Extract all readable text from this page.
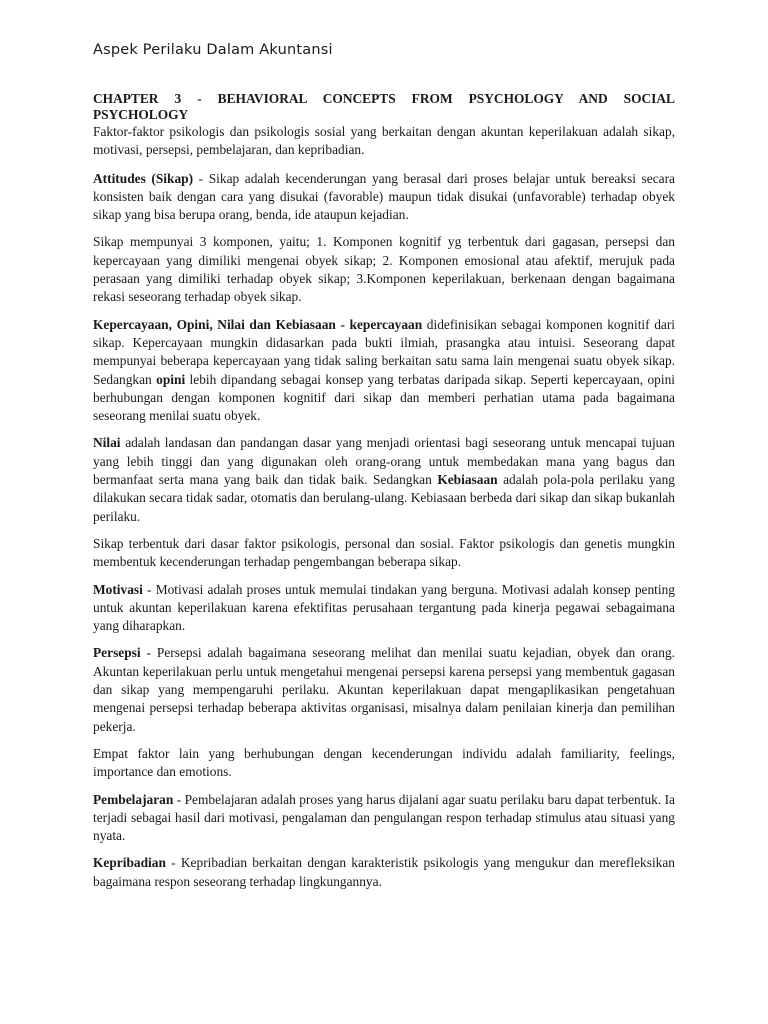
Aspek Perilaku Dalam Akuntansi

CHAPTER 3 - BEHAVIORAL CONCEPTS FROM PSYCHOLOGY AND SOCIAL PSYCHOLOGY

Faktor-faktor psikologis dan psikologis sosial yang berkaitan dengan akuntan keperilakuan adalah sikap, motivasi, persepsi, pembelajaran, dan kepribadian.

Attitudes (Sikap) - Sikap adalah kecenderungan yang berasal dari proses belajar untuk bereaksi secara konsisten baik dengan cara yang disukai (favorable) maupun tidak disukai (unfavorable) terhadap obyek sikap yang bisa berupa orang, benda, ide ataupun kejadian.

Sikap mempunyai 3 komponen, yaitu; 1. Komponen kognitif yg terbentuk dari gagasan, persepsi dan kepercayaan yang dimiliki mengenai obyek sikap; 2. Komponen emosional atau afektif, merujuk pada perasaan yang dimiliki terhadap obyek sikap; 3.Komponen keperilakuan, berkenaan dengan bagaimana rekasi seseorang terhadap obyek sikap.

Kepercayaan, Opini, Nilai dan Kebiasaan - kepercayaan didefinisikan sebagai komponen kognitif dari sikap. Kepercayaan mungkin didasarkan pada bukti ilmiah, prasangka atau intuisi. Seseorang dapat mempunyai beberapa kepercayaan yang tidak saling berkaitan satu sama lain mengenai suatu obyek sikap. Sedangkan opini lebih dipandang sebagai konsep yang terbatas daripada sikap. Seperti kepercayaan, opini berhubungan dengan komponen kognitif dari sikap dan memberi perhatian utama pada bagaimana seseorang menilai suatu obyek.

Nilai adalah landasan dan pandangan dasar yang menjadi orientasi bagi seseorang untuk mencapai tujuan yang lebih tinggi dan yang digunakan oleh orang-orang untuk membedakan mana yang bagus dan bermanfaat serta mana yang baik dan tidak baik. Sedangkan Kebiasaan adalah pola-pola perilaku yang dilakukan secara tidak sadar, otomatis dan berulang-ulang. Kebiasaan berbeda dari sikap dan sikap bukanlah perilaku.

Sikap terbentuk dari dasar faktor psikologis, personal dan sosial. Faktor psikologis dan genetis mungkin membentuk kecenderungan terhadap pengembangan beberapa sikap.

Motivasi - Motivasi adalah proses untuk memulai tindakan yang berguna. Motivasi adalah konsep penting untuk akuntan keperilakuan karena efektifitas perusahaan tergantung pada kinerja pegawai sebagaimana yang diharapkan.

Persepsi - Persepsi adalah bagaimana seseorang melihat dan menilai suatu kejadian, obyek dan orang. Akuntan keperilakuan perlu untuk mengetahui mengenai persepsi karena persepsi yang membentuk gagasan dan sikap yang mempengaruhi perilaku. Akuntan keperilakuan dapat mengaplikasikan pengetahuan mengenai persepsi terhadap beberapa aktivitas organisasi, misalnya dalam penilaian kinerja dan pemilihan pekerja.

Empat faktor lain yang berhubungan dengan kecenderungan individu adalah familiarity, feelings, importance dan emotions.

Pembelajaran - Pembelajaran adalah proses yang harus dijalani agar suatu perilaku baru dapat terbentuk. Ia terjadi sebagai hasil dari motivasi, pengalaman dan pengulangan respon terhadap stimulus atau situasi yang nyata.

Kepribadian - Kepribadian berkaitan dengan karakteristik psikologis yang mengukur dan merefleksikan bagaimana respon seseorang terhadap lingkungannya.
